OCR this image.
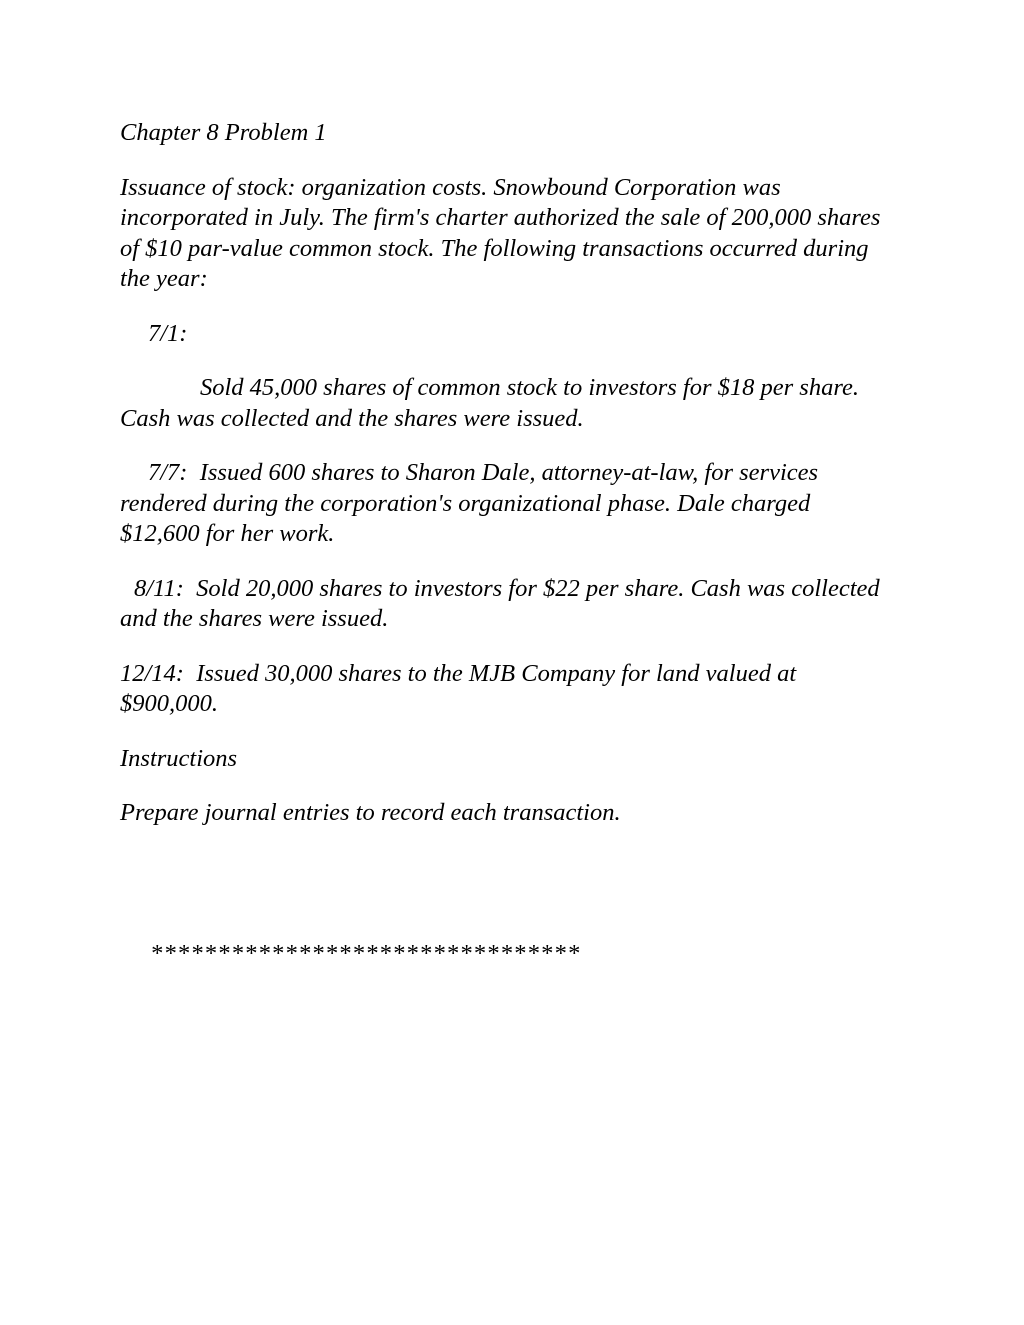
Chapter 8 Problem 1

Issuance of stock: organization costs. Snowbound Corporation was incorporated in July. The firm's charter authorized the sale of 200,000 shares of $10 par-value common stock. The following transactions occurred during the year:

7/1:

Sold 45,000 shares of common stock to investors for $18 per share. Cash was collected and the shares were issued.

7/7: Issued 600 shares to Sharon Dale, attorney-at-law, for services rendered during the corporation's organizational phase. Dale charged $12,600 for her work.

8/11: Sold 20,000 shares to investors for $22 per share. Cash was collected and the shares were issued.

12/14: Issued 30,000 shares to the MJB Company for land valued at $900,000.

Instructions

Prepare journal entries to record each transaction.

********************************
